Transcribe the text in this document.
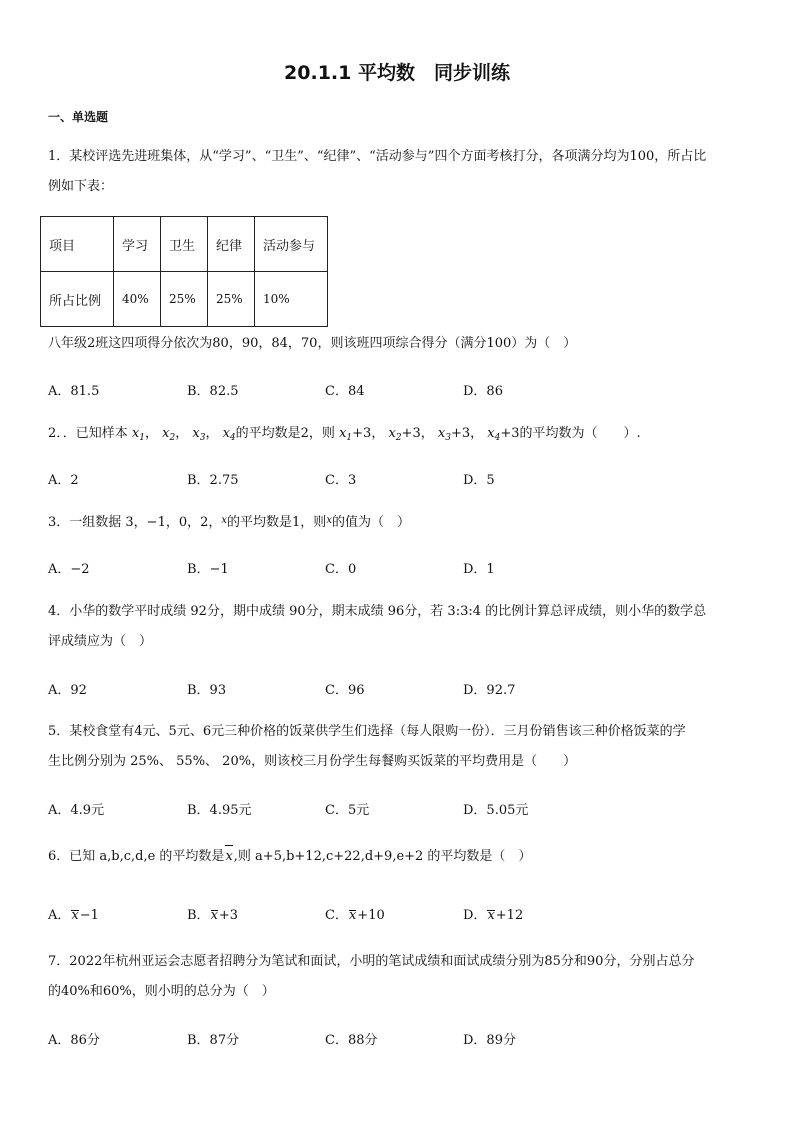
20.1.1 平均数　同步训练
一、单选题
1．某校评选先进班集体，从“学习”、“卫生”、“纪律”、“活动参与”四个方面考核打分，各项满分均为100，所占比
例如下表：
项目	学习	卫生	纪律	活动参与
所占比例	40%	25%	25%	10%
八年级2班这四项得分依次为80，90，84，70，则该班四项综合得分（满分100）为（　）
A．81.5	B．82.5	C．84	D．86
2．．已知样本 $x_1$， $x_2$， $x_3$， $x_4$的平均数是2，则 $x_1+3$， $x_2+3$， $x_3+3$， $x_4+3$的平均数为（　　）.
A．2	B．2.75	C．3	D．5
3．一组数据 3，−1，0，2，$^x$的平均数是1，则$^x$的值为（　）
A．−2	B．−1	C．0	D．1
4．小华的数学平时成绩 92分，期中成绩 90分，期末成绩 96分，若 3:3:4 的比例计算总评成绩，则小华的数学总
评成绩应为（　）
A．92	B．93	C．96	D．92.7
5．某校食堂有4元、5元、6元三种价格的饭菜供学生们选择（每人限购一份）．三月份销售该三种价格饭菜的学
生比例分别为 25%、 55%、 20%，则该校三月份学生每餐购买饭菜的平均费用是（　　）
A．4.9元	B．4.95元	C．5元	D．5.05元
6．已知 a,b,c,d,e 的平均数是x,则 a+5,b+12,c+22,d+9,e+2 的平均数是（　）
A．x−1	B．x+3	C．x+10	D．x+12
7．2022年杭州亚运会志愿者招聘分为笔试和面试，小明的笔试成绩和面试成绩分别为85分和90分，分别占总分
的40%和60%，则小明的总分为（　）
A．86分	B．87分	C．88分	D．89分
